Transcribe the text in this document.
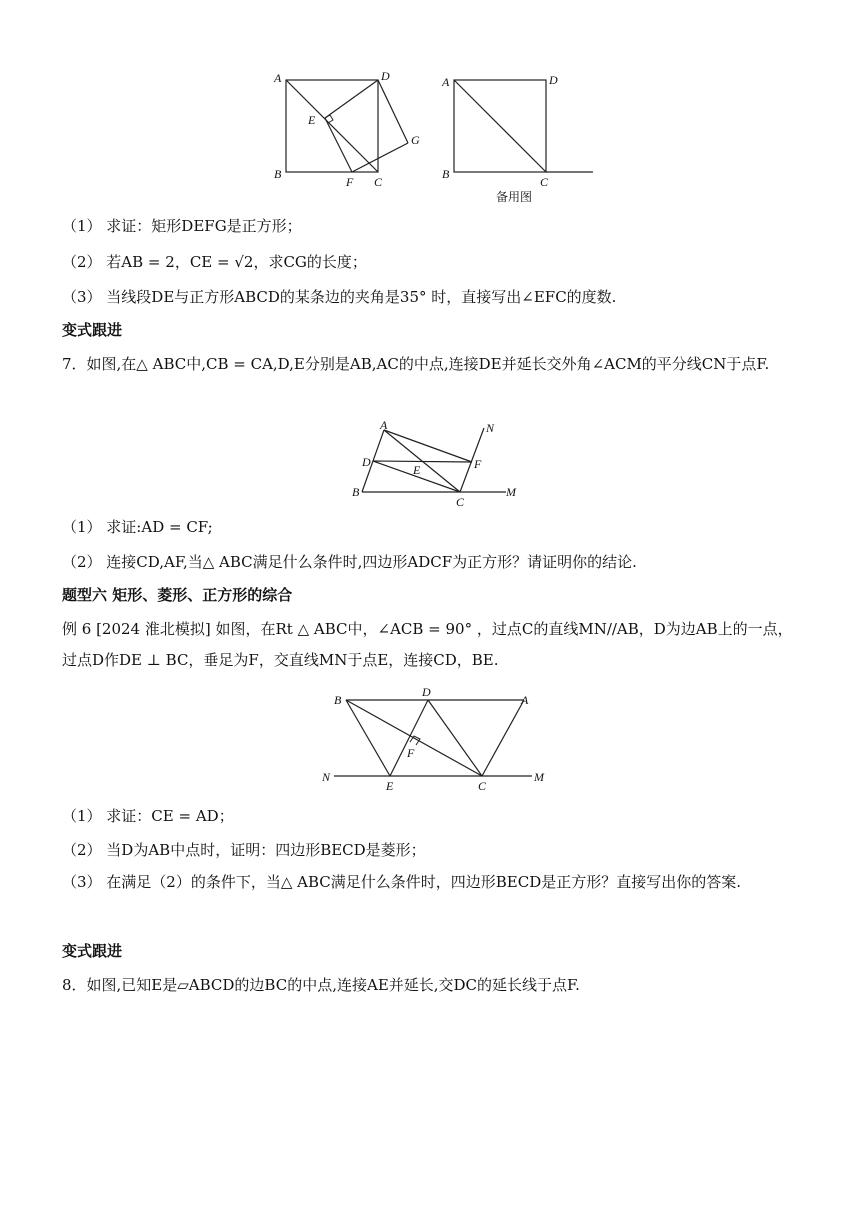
A	D
E
G
B
F C
A	D
B
C
备用图
（1） 求证：矩形DEFG是正方形；
（2） 若AB = 2，CE = √2，求CG的长度；
（3） 当线段DE与正方形ABCD的某条边的夹角是35° 时，直接写出∠EFC的度数.
变式跟进
7．如图,在△ ABC中,CB = CA,D,E分别是AB,AC的中点,连接DE并延长交外角∠ACM的平分线CN于点F.
A	N
D
E	F
B
C
M
（1） 求证:AD = CF;
（2） 连接CD,AF,当△ ABC满足什么条件时,四边形ADCF为正方形？请证明你的结论.
题型六 矩形、菱形、正方形的综合
例 6 [2024 淮北模拟] 如图，在Rt △ ABC中，∠ACB = 90° ，过点C的直线MN//AB，D为边AB上的一点，过点D作DE ⊥ BC，垂足为F，交直线MN于点E，连接CD，BE.
B
D
A
F
N
E	C
M
（1） 求证：CE = AD；
（2） 当D为AB中点时，证明：四边形BECD是菱形；
（3） 在满足（2）的条件下，当△ ABC满足什么条件时，四边形BECD是正方形？直接写出你的答案.
变式跟进
8．如图,已知E是▱ABCD的边BC的中点,连接AE并延长,交DC的延长线于点F.
